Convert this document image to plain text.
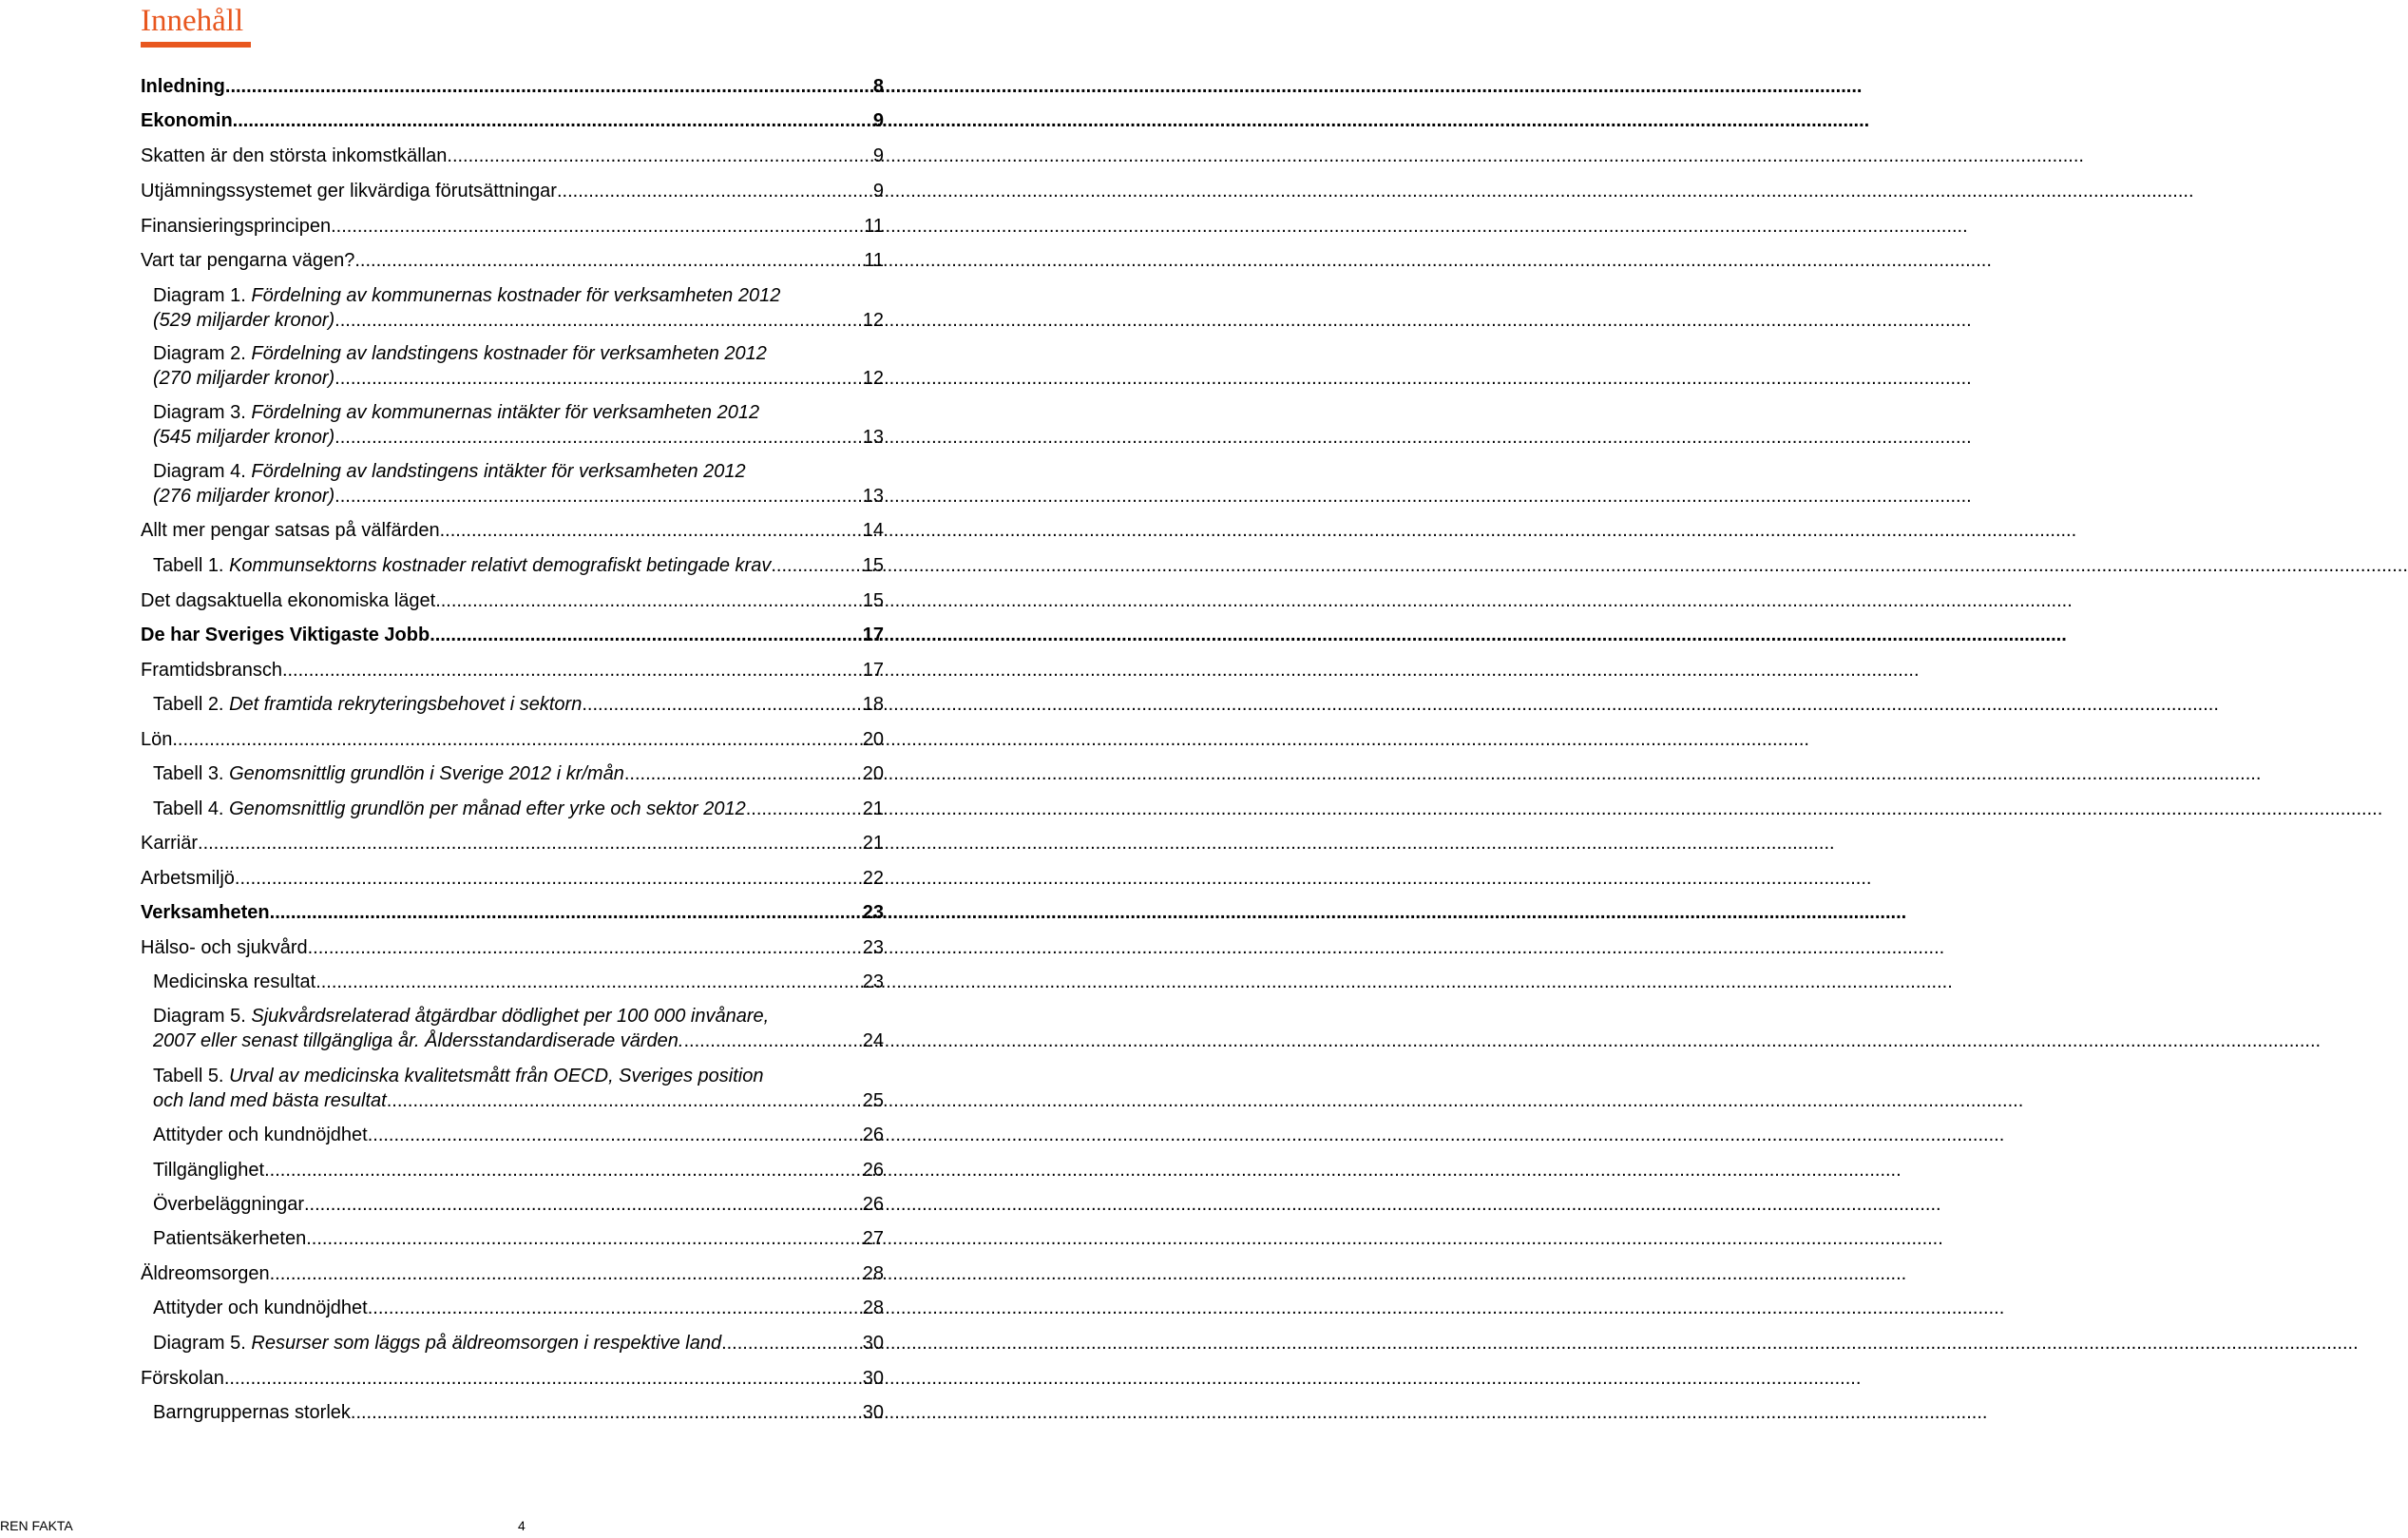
Innehåll
Inledning .....	8
Ekonomin .....	9
Skatten är den största inkomstkällan .....	9
Utjämningssystemet ger likvärdiga förutsättningar .....	9
Finansieringsprincipen .....	11
Vart tar pengarna vägen? .....	11
Diagram 1. Fördelning av kommunernas kostnader för verksamheten 2012
(529 miljarder kronor) .....	12
Diagram 2. Fördelning av landstingens kostnader för verksamheten 2012
(270 miljarder kronor) .....	12
Diagram 3. Fördelning av kommunernas intäkter för verksamheten 2012
(545 miljarder kronor) .....	13
Diagram 4. Fördelning av landstingens intäkter för verksamheten 2012
(276 miljarder kronor) .....	13
Allt mer pengar satsas på välfärden .....	14
Tabell 1. Kommunsektorns kostnader relativt demografiskt betingade krav .....	15
Det dagsaktuella ekonomiska läget .....	15
De har Sveriges Viktigaste Jobb .....	17
Framtidsbransch .....	17
Tabell 2. Det framtida rekryteringsbehovet i sektorn .....	18
Lön .....	20
Tabell 3. Genomsnittlig grundlön i Sverige 2012 i kr/mån .....	20
Tabell 4. Genomsnittlig grundlön per månad efter yrke och sektor 2012 .....	21
Karriär .....	21
Arbetsmiljö .....	22
Verksamheten .....	23
Hälso- och sjukvård .....	23
Medicinska resultat .....	23
Diagram 5. Sjukvårdsrelaterad åtgärdbar dödlighet per 100 000 invånare,
2007 eller senast tillgängliga år. Åldersstandardiserade värden. .....	24
Tabell 5. Urval av medicinska kvalitetsmått från OECD, Sveriges position
och land med bästa resultat .....	25
Attityder och kundnöjdhet .....	26
Tillgänglighet .....	26
Överbeläggningar .....	26
Patientsäkerheten .....	27
Äldreomsorgen .....	28
Attityder och kundnöjdhet .....	28
Diagram 5. Resurser som läggs på äldreomsorgen i respektive land .....	30
Förskolan .....	30
Barngruppernas storlek .....	30
REN FAKTA	4
